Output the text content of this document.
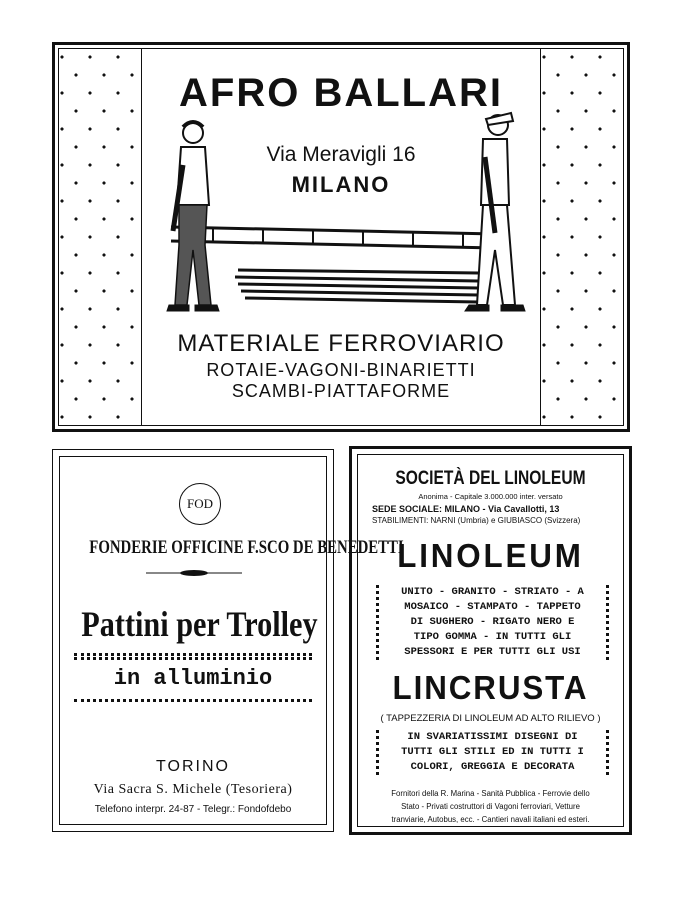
AFRO BALLARI
Via Meravigli 16
MILANO
MATERIALE FERROVIARIO
ROTAIE-VAGONI-BINARIETTI
SCAMBI-PIATTAFORME
FOD
FONDERIE OFFICINE F.SCO DE BENEDETTI
Pattini per Trolley
in alluminio
TORINO
Via Sacra S. Michele (Tesoriera)
Telefono interpr. 24-87 - Telegr.: Fondofdebo
SOCIETÀ DEL LINOLEUM
Anonima - Capitale 3.000.000 inter. versato
SEDE SOCIALE: MILANO - Via Cavallotti, 13
STABILIMENTI: NARNI (Umbria) e GIUBIASCO (Svizzera)
LINOLEUM
UNITO - GRANITO - STRIATO - A
MOSAICO - STAMPATO - TAPPETO
DI SUGHERO - RIGATO NERO E
TIPO GOMMA - IN TUTTI GLI
SPESSORI E PER TUTTI GLI USI
LINCRUSTA
( TAPPEZZERIA DI LINOLEUM AD ALTO RILIEVO )
IN SVARIATISSIMI DISEGNI DI
TUTTI GLI STILI ED IN TUTTI I
COLORI, GREGGIA E DECORATA
Fornitori della R. Marina - Sanità Pubblica - Ferrovie dello
Stato - Privati costruttori di Vagoni ferroviari, Vetture
tranviarie, Autobus, ecc. - Cantieri navali italiani ed esteri.
